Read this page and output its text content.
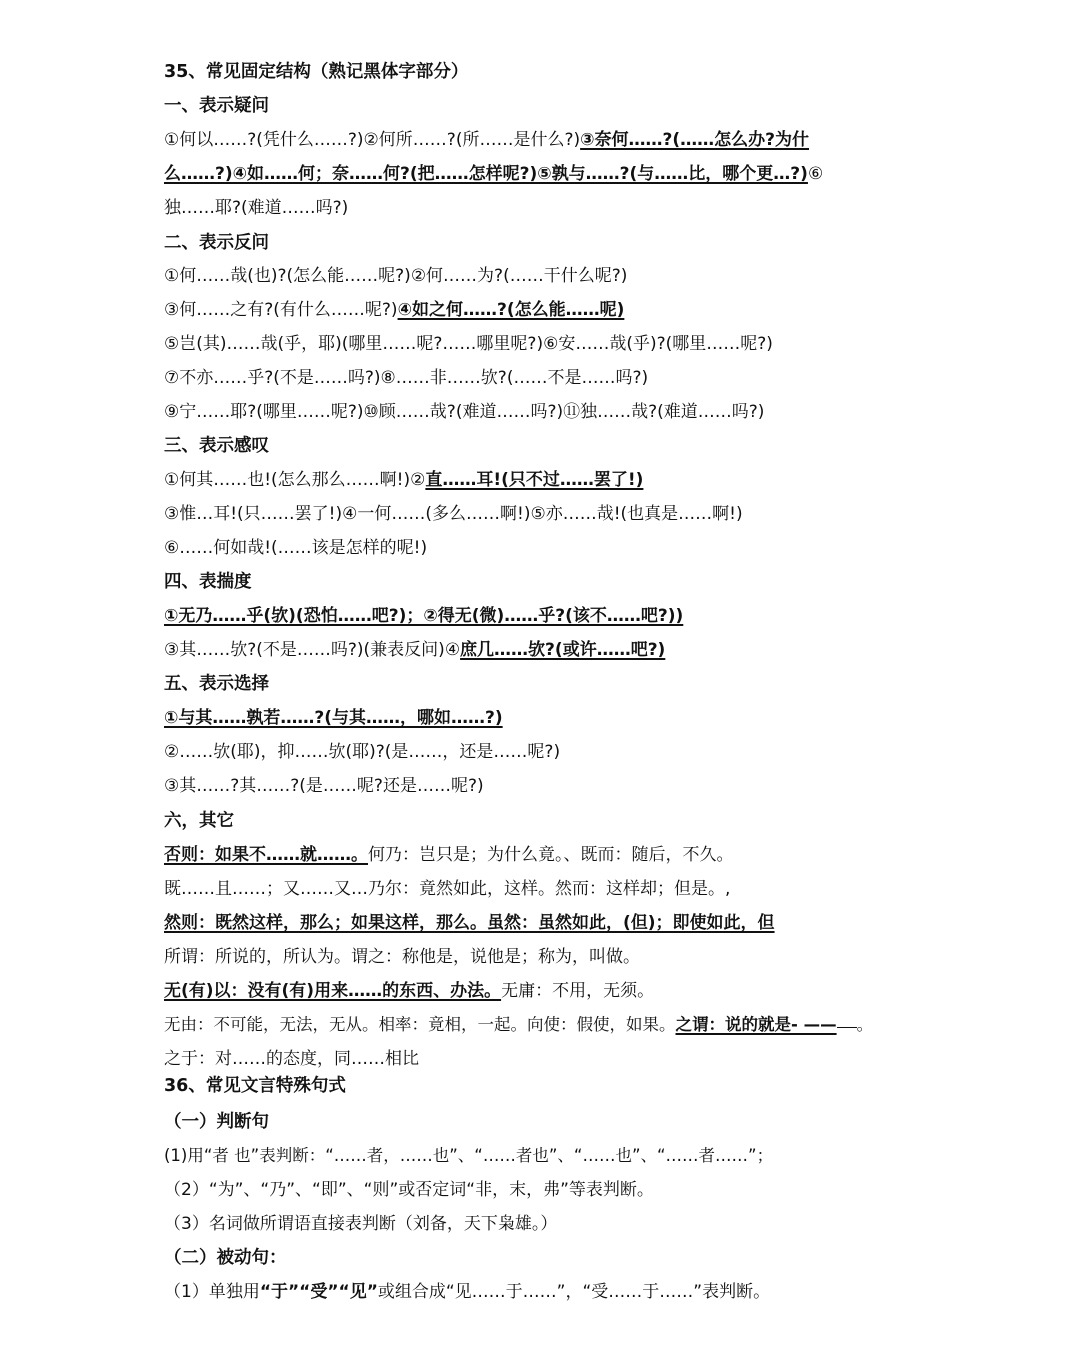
35、常见固定结构（熟记黑体字部分）
一、表示疑问
①何以……?(凭什么……?)②何所……?(所……是什么?)③奈何……?(……怎么办?为什
么……?)④如……何；奈……何?(把……怎样呢?)⑤孰与……?(与……比，哪个更…?)⑥
独……耶?(难道……吗?)
二、表示反问
①何……哉(也)?(怎么能……呢?)②何……为?(……干什么呢?)
③何……之有?(有什么……呢?)④如之何……?(怎么能……呢)
⑤岂(其)……哉(乎，耶)(哪里……呢?……哪里呢?)⑥安……哉(乎)?(哪里……呢?)
⑦不亦……乎?(不是……吗?)⑧……非……欤?(……不是……吗?)
⑨宁……耶?(哪里……呢?)⑩顾……哉?(难道……吗?)⑪独……哉?(难道……吗?)
三、表示感叹
①何其……也!(怎么那么……啊!)②直……耳!(只不过……罢了!)
③惟…耳!(只……罢了!)④一何……(多么……啊!)⑤亦……哉!(也真是……啊!)
⑥……何如哉!(……该是怎样的呢!)
四、表揣度
①无乃……乎(欤)(恐怕……吧?)；②得无(微)……乎?(该不……吧?))
③其……欤?(不是……吗?)(兼表反问)④庶几……欤?(或许……吧?)
五、表示选择
①与其……孰若……?(与其……，哪如……?)
②……欤(耶)，抑……欤(耶)?(是……，还是……呢?)
③其……?其……?(是……呢?还是……呢?)
六，其它
否则：如果不……就……。何乃：岂只是；为什么竟。、既而：随后，不久。
既……且……；又……又…乃尔：竟然如此，这样。然而：这样却；但是。,
然则：既然这样，那么；如果这样，那么。虽然：虽然如此，(但)；即使如此，但
所谓：所说的，所认为。谓之：称他是，说他是；称为，叫做。
无(有)以：没有(有)用来……的东西、办法。无庸：不用，无须。
无由：不可能，无法，无从。相率：竟相，一起。向使：假使，如果。之谓：说的就是- —— 。
之于：对……的态度，同……相比
36、常见文言特殊句式
（一）判断句
(1)用“者 也”表判断：“……者，……也”、“……者也”、“……也”、“……者……”；
（2）“为”、“乃”、“即”、“则”或否定词“非，末，弗”等表判断。
（3）名词做所谓语直接表判断（刘备，天下枭雄。）
（二）被动句：
（1）单独用“于”“受”“见”或组合成“见……于……”，“受……于……”表判断。
